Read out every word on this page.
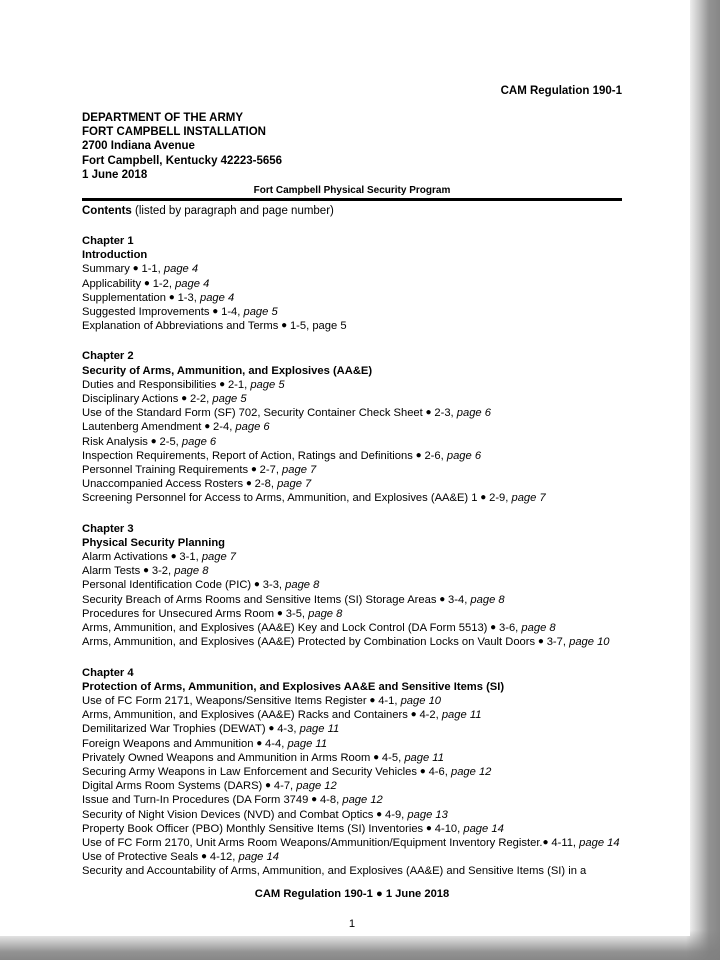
CAM Regulation 190-1
DEPARTMENT OF THE ARMY
FORT CAMPBELL INSTALLATION
2700 Indiana Avenue
Fort Campbell, Kentucky 42223-5656
1 June 2018
Fort Campbell Physical Security Program
Contents (listed by paragraph and page number)
Chapter 1
Introduction
Summary ● 1-1, page 4
Applicability ● 1-2, page 4
Supplementation ● 1-3, page 4
Suggested Improvements ● 1-4, page 5
Explanation of Abbreviations and Terms ● 1-5, page 5
Chapter 2
Security of Arms, Ammunition, and Explosives (AA&E)
Duties and Responsibilities ● 2-1, page 5
Disciplinary Actions ● 2-2, page 5
Use of the Standard Form (SF) 702, Security Container Check Sheet ● 2-3, page 6
Lautenberg Amendment ● 2-4, page 6
Risk Analysis ● 2-5, page 6
Inspection Requirements, Report of Action, Ratings and Definitions ● 2-6, page 6
Personnel Training Requirements ● 2-7, page 7
Unaccompanied Access Rosters ● 2-8, page 7
Screening Personnel for Access to Arms, Ammunition, and Explosives (AA&E) 1 ● 2-9, page 7
Chapter 3
Physical Security Planning
Alarm Activations ● 3-1, page 7
Alarm Tests ● 3-2, page 8
Personal Identification Code (PIC) ● 3-3, page 8
Security Breach of Arms Rooms and Sensitive Items (SI) Storage Areas ● 3-4, page 8
Procedures for Unsecured Arms Room ● 3-5, page 8
Arms, Ammunition, and Explosives (AA&E) Key and Lock Control (DA Form 5513) ● 3-6, page 8
Arms, Ammunition, and Explosives (AA&E) Protected by Combination Locks on Vault Doors ● 3-7, page 10
Chapter 4
Protection of Arms, Ammunition, and Explosives AA&E and Sensitive Items (SI)
Use of FC Form 2171, Weapons/Sensitive Items Register ● 4-1, page 10
Arms, Ammunition, and Explosives (AA&E) Racks and Containers ● 4-2, page 11
Demilitarized War Trophies (DEWAT) ● 4-3, page 11
Foreign Weapons and Ammunition ● 4-4, page 11
Privately Owned Weapons and Ammunition in Arms Room ● 4-5, page 11
Securing Army Weapons in Law Enforcement and Security Vehicles ● 4-6, page 12
Digital Arms Room Systems (DARS) ● 4-7, page 12
Issue and Turn-In Procedures (DA Form 3749 ● 4-8, page 12
Security of Night Vision Devices (NVD) and Combat Optics ● 4-9, page 13
Property Book Officer (PBO) Monthly Sensitive Items (SI) Inventories ● 4-10, page 14
Use of FC Form 2170, Unit Arms Room Weapons/Ammunition/Equipment Inventory Register.● 4-11, page 14
Use of Protective Seals ● 4-12, page 14
Security and Accountability of Arms, Ammunition, and Explosives (AA&E) and Sensitive Items (SI) in a
CAM Regulation 190-1 ● 1 June 2018
1
